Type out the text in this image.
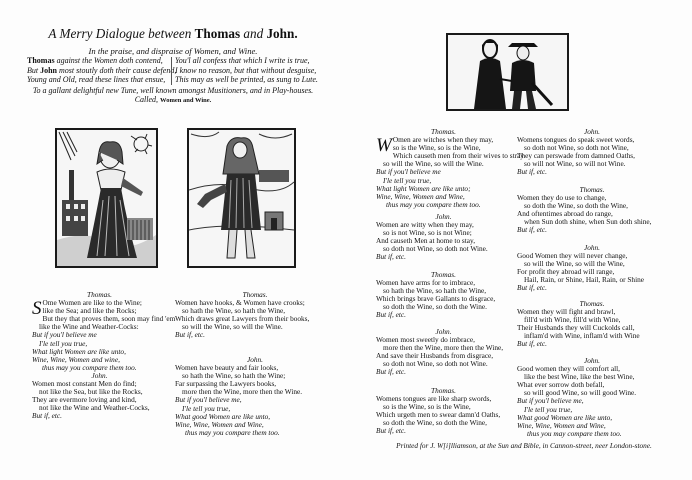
A Merry Dialogue between Thomas and John.
In the praise, and dispraise of Women, and Wine.
Thomas against the Women doth contend,
But John most stoutly doth their cause defend,
Young and Old, read these lines that ensue,
You'l all confess that which I write is true,
I know no reason, but that without desguise,
This may as well be printed, as sung to Lute.
To a gallant delightful new Tune, well known amongst Musitioners, and in Play-houses.
Called, Women and Wine.
Thomas.
S Ome Women are like to the Wine;
like the Sea; and like the Rocks;
But they that proves them, soon may find 'em
like the Wine and Weather-Cocks:
But if you'l believe me
I'le tell you true,
What light Women are like unto,
Wine, Wine, Women and wine,
thus may you compare them too.
John.
Women most constant Men do find;
not like the Sea, but like the Rocks,
They are evermore loving and kind,
not like the Wine and Weather-Cocks,
But if, etc.
Thomas.
Women have hooks, & Women have crooks;
so hath the Wine, so hath the Wine,
Which draws great Lawyers from their books,
so will the Wine, so will the Wine.
But if, etc.
John.
Women have beauty and fair looks,
so hath the Wine, so hath the Wine;
Far surpassing the Lawyers books,
more then the Wine, more then the Wine.
But if you'l believe me,
I'le tell you true,
What good Women are like unto,
Wine, Wine, Women and Wine,
thus may you compare them too.
Thomas.
W Omen are witches when they may,
so is the Wine, so is the Wine,
Which causeth men from their wives to stray
so will the Wine, so will the Wine.
But if you'l believe me
I'le tell you true,
What light Women are like unto;
Wine, Wine, Women and Wine,
thus may you compare them too.
John.
Women are witty when they may,
so is not Wine, so is not Wine;
And causeth Men at home to stay,
so doth not Wine, so doth not Wine.
But if, etc.
Thomas.
Women have arms for to imbrace,
so hath the Wine, so hath the Wine,
Which brings brave Gallants to disgrace,
so doth the Wine, so doth the Wine.
But if, etc.
John.
Women most sweetly do imbrace,
more then the Wine, more then the Wine,
And save their Husbands from disgrace,
so doth not Wine, so doth not Wine.
But if, etc.
Thomas.
Womens tongues are like sharp swords,
so is the Wine, so is the Wine,
Which urgeth men to swear damn'd Oaths,
so doth the Wine, so doth the Wine,
But if, etc.
John.
Womens tongues do speak sweet words,
so doth not Wine, so doth not Wine,
They can perswade from damned Oaths,
so will not Wine, so will not Wine.
But if, etc.
Thomas.
Women they do use to change,
so doth the Wine, so doth the Wine,
And oftentimes abroad do range,
when Sun doth shine, when Sun doth shine,
But if, etc.
John.
Good Women they will never change,
so will the Wine, so will the Wine,
For profit they abroad will range,
Hail, Rain, or Shine, Hail, Rain, or Shine
But if, etc.
Thomas.
Women they will fight and brawl,
fill'd with Wine, fill'd with Wine,
Their Husbands they will Cuckolds call,
inflam'd with Wine, inflam'd with Wine
But if, etc.
John.
Good women they will comfort all,
like the best Wine, like the best Wine,
What ever sorrow doth befall,
so will good Wine, so will good Wine.
But if you'l believe me,
I'le tell you true,
What good Women are like unto,
Wine, Wine, Women and Wine,
thus you may compare them too.
Printed for J. W[i]lliamson, at the Sun and Bible, in Cannon-street, neer London-stone.
